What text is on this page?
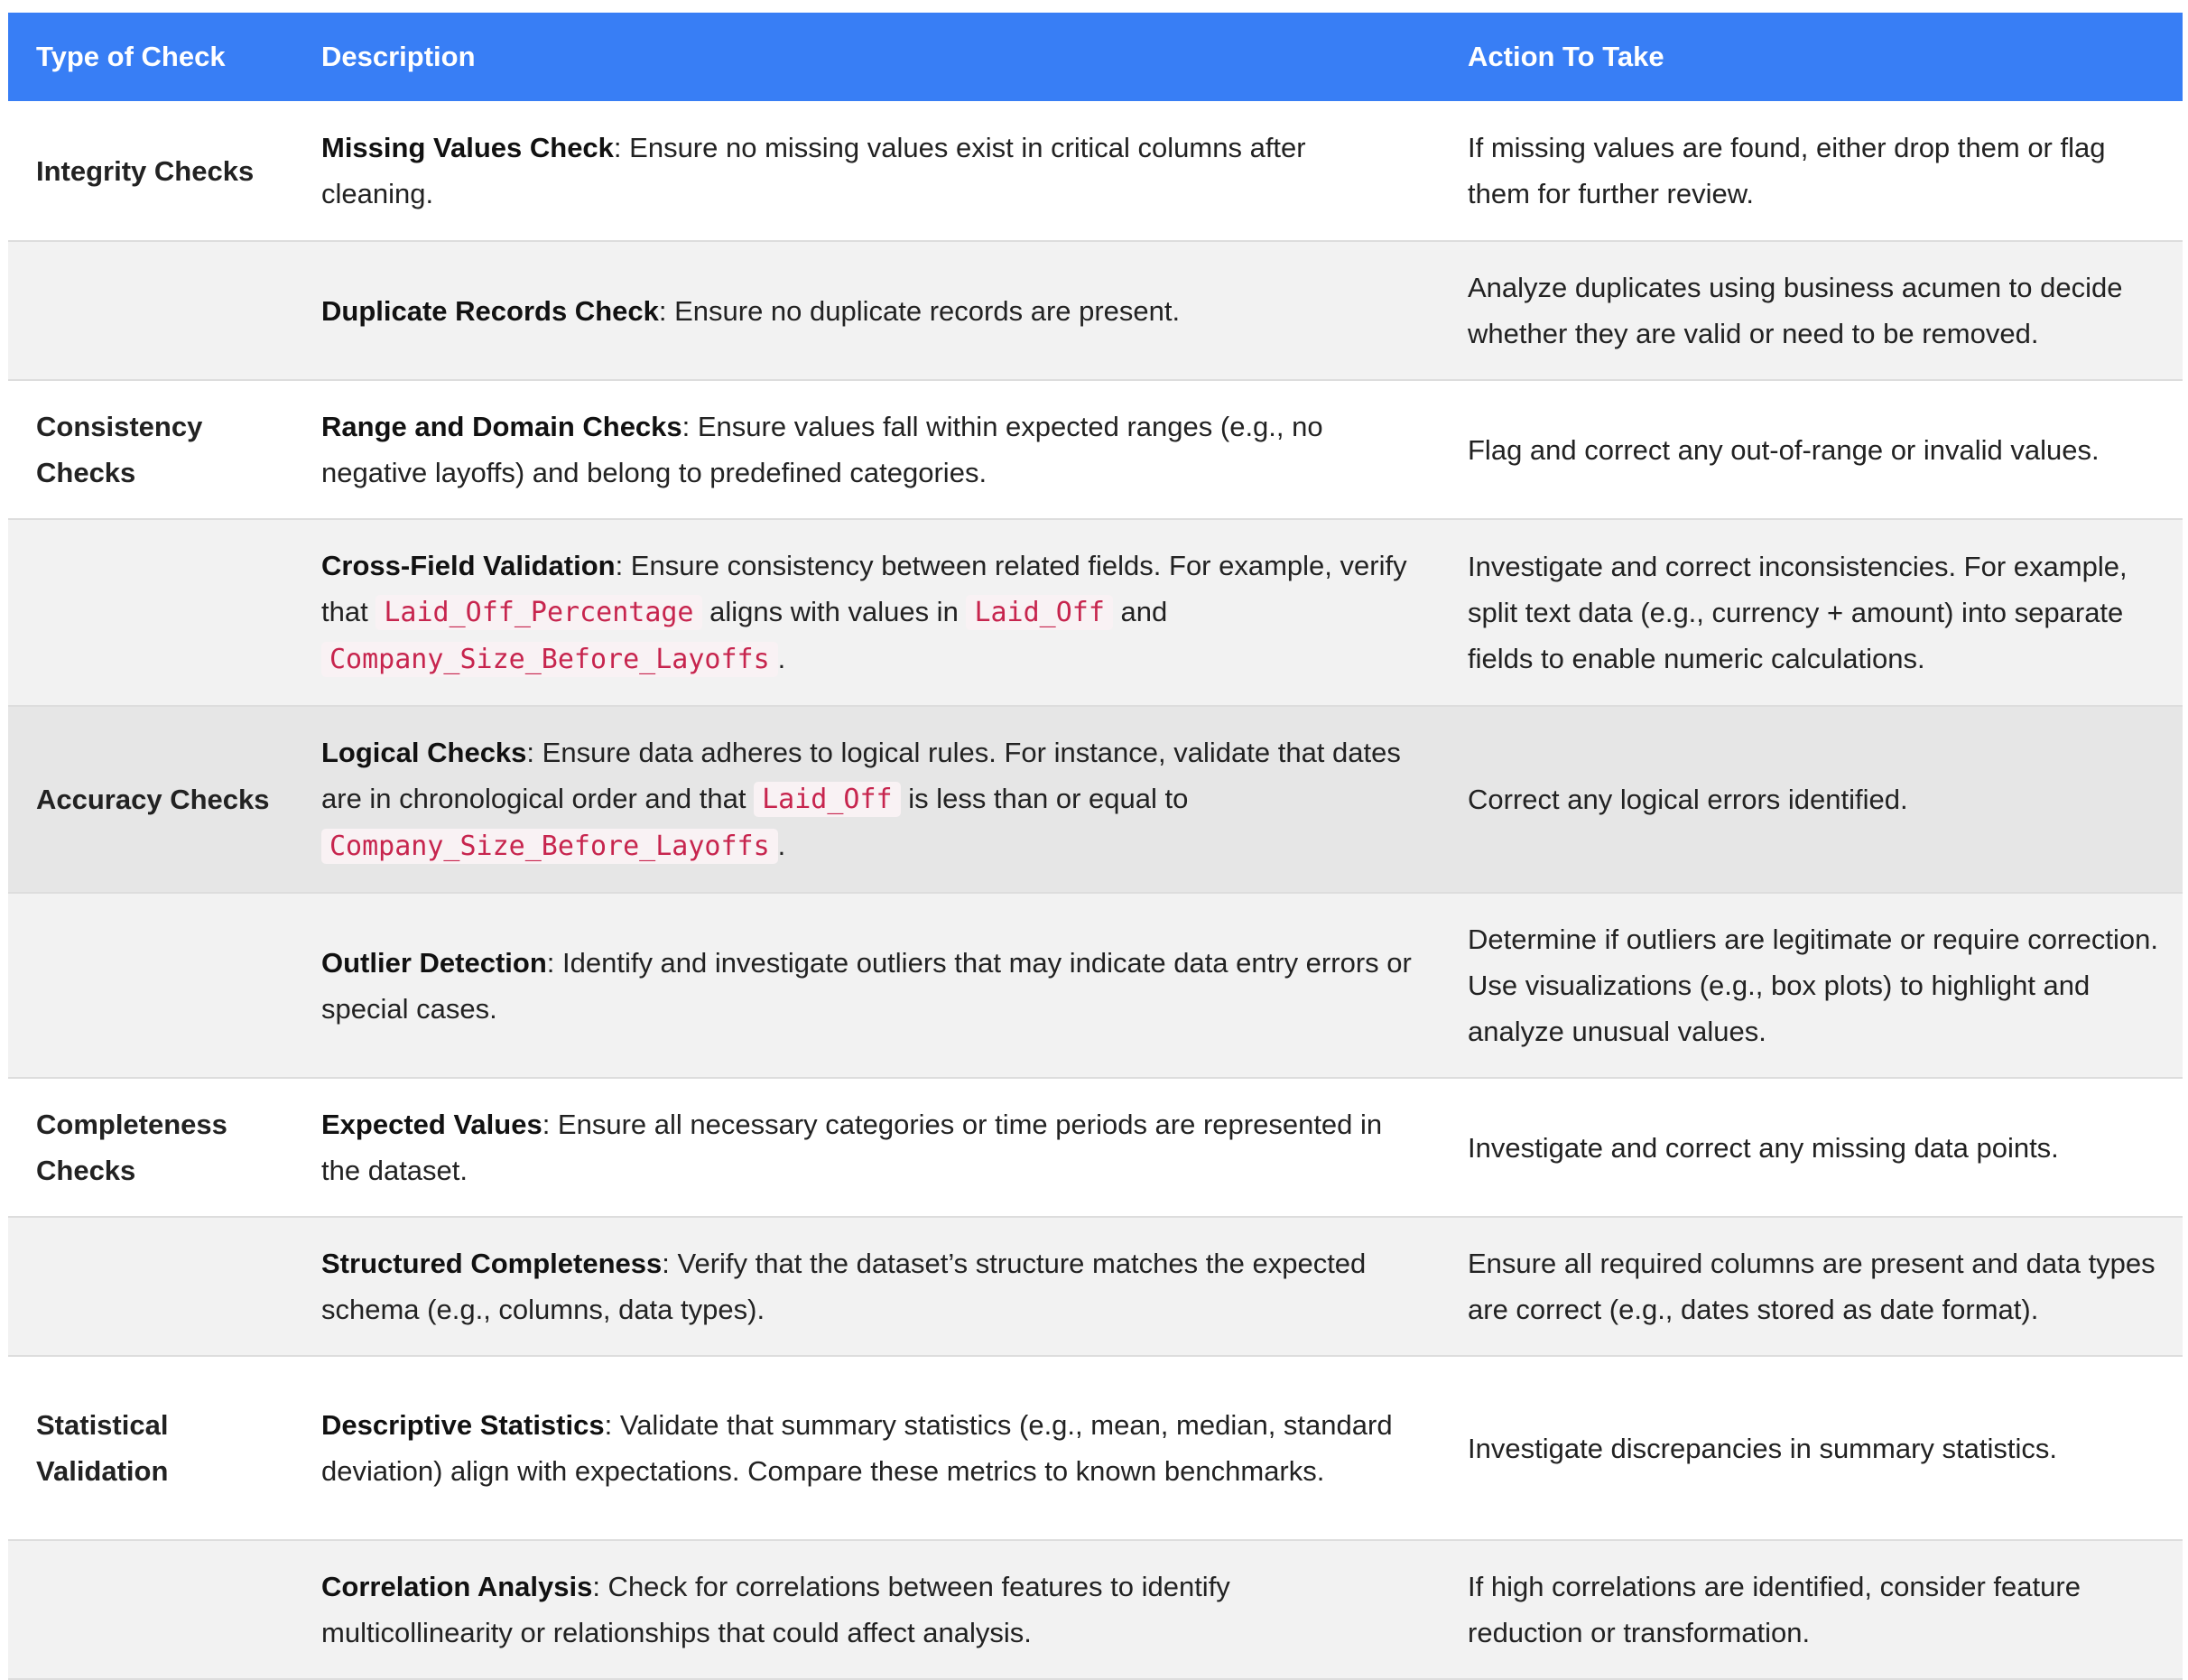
Type of Check	Description	Action To Take
Integrity Checks	Missing Values Check: Ensure no missing values exist in critical columns after cleaning.	If missing values are found, either drop them or flag them for further review.
	Duplicate Records Check: Ensure no duplicate records are present.	Analyze duplicates using business acumen to decide whether they are valid or need to be removed.
Consistency Checks	Range and Domain Checks: Ensure values fall within expected ranges (e.g., no negative layoffs) and belong to predefined categories.	Flag and correct any out-of-range or invalid values.
	Cross-Field Validation: Ensure consistency between related fields. For example, verify that Laid_Off_Percentage aligns with values in Laid_Off and Company_Size_Before_Layoffs .	Investigate and correct inconsistencies. For example, split text data (e.g., currency + amount) into separate fields to enable numeric calculations.
Accuracy Checks	Logical Checks: Ensure data adheres to logical rules. For instance, validate that dates are in chronological order and that Laid_Off is less than or equal to Company_Size_Before_Layoffs .	Correct any logical errors identified.
	Outlier Detection: Identify and investigate outliers that may indicate data entry errors or special cases.	Determine if outliers are legitimate or require correction. Use visualizations (e.g., box plots) to highlight and analyze unusual values.
Completeness Checks	Expected Values: Ensure all necessary categories or time periods are represented in the dataset.	Investigate and correct any missing data points.
	Structured Completeness: Verify that the dataset’s structure matches the expected schema (e.g., columns, data types).	Ensure all required columns are present and data types are correct (e.g., dates stored as date format).
Statistical Validation	Descriptive Statistics: Validate that summary statistics (e.g., mean, median, standard deviation) align with expectations. Compare these metrics to known benchmarks.	Investigate discrepancies in summary statistics.
	Correlation Analysis: Check for correlations between features to identify multicollinearity or relationships that could affect analysis.	If high correlations are identified, consider feature reduction or transformation.
